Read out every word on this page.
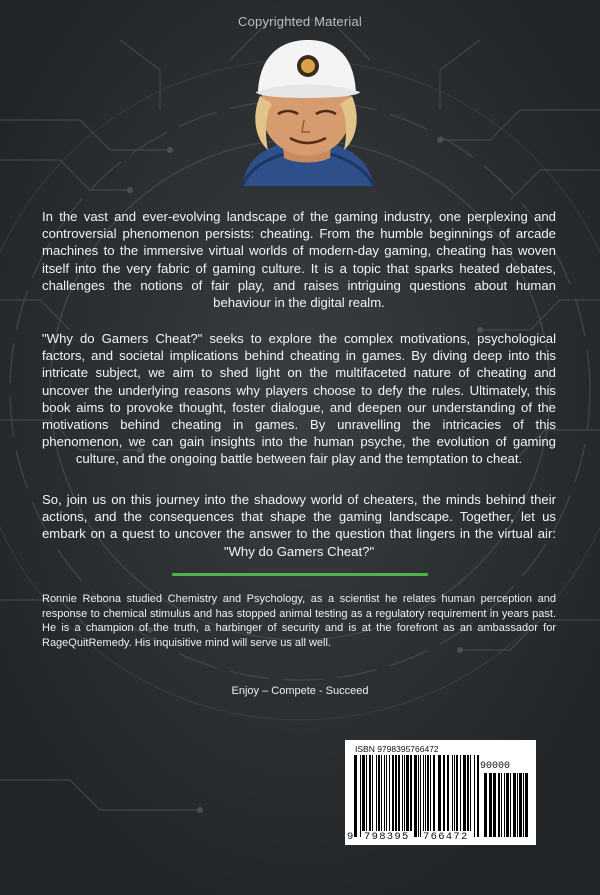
Copyrighted Material

In the vast and ever-evolving landscape of the gaming industry, one perplexing and controversial phenomenon persists: cheating. From the humble beginnings of arcade machines to the immersive virtual worlds of modern-day gaming, cheating has woven itself into the very fabric of gaming culture. It is a topic that sparks heated debates, challenges the notions of fair play, and raises intriguing questions about human behaviour in the digital realm.

"Why do Gamers Cheat?" seeks to explore the complex motivations, psychological factors, and societal implications behind cheating in games. By diving deep into this intricate subject, we aim to shed light on the multifaceted nature of cheating and uncover the underlying reasons why players choose to defy the rules. Ultimately, this book aims to provoke thought, foster dialogue, and deepen our understanding of the motivations behind cheating in games. By unravelling the intricacies of this phenomenon, we can gain insights into the human psyche, the evolution of gaming culture, and the ongoing battle between fair play and the temptation to cheat.

So, join us on this journey into the shadowy world of cheaters, the minds behind their actions, and the consequences that shape the gaming landscape. Together, let us embark on a quest to uncover the answer to the question that lingers in the virtual air: "Why do Gamers Cheat?"

Ronnie Rebona studied Chemistry and Psychology, as a scientist he relates human perception and response to chemical stimulus and has stopped animal testing as a regulatory requirement in years past. He is a champion of the truth, a harbinger of security and is at the forefront as an ambassador for RageQuitRemedy. His inquisitive mind will serve us all well.

Enjoy – Compete - Succeed
ISBN 9798395766472
90000
9 798395 766472
